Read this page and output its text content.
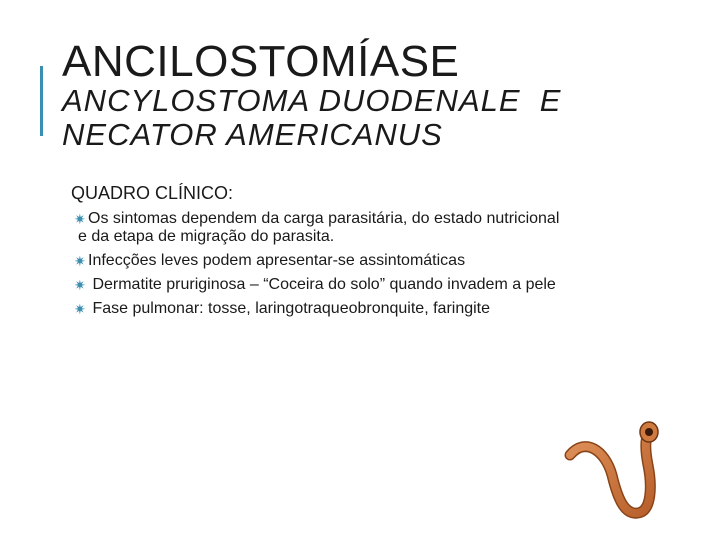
ANCILOSTOMÍASE
ANCYLOSTOMA DUODENALE  E
NECATOR AMERICANUS
QUADRO CLÍNICO:
✷ Os sintomas dependem da carga parasitária, do estado nutricional
e da etapa de migração do parasita.
✷ Infecções leves podem apresentar-se assintomáticas
✷ Dermatite pruriginosa – “Coceira do solo” quando invadem a pele
✷ Fase pulmonar: tosse, laringotraqueobronquite, faringite
